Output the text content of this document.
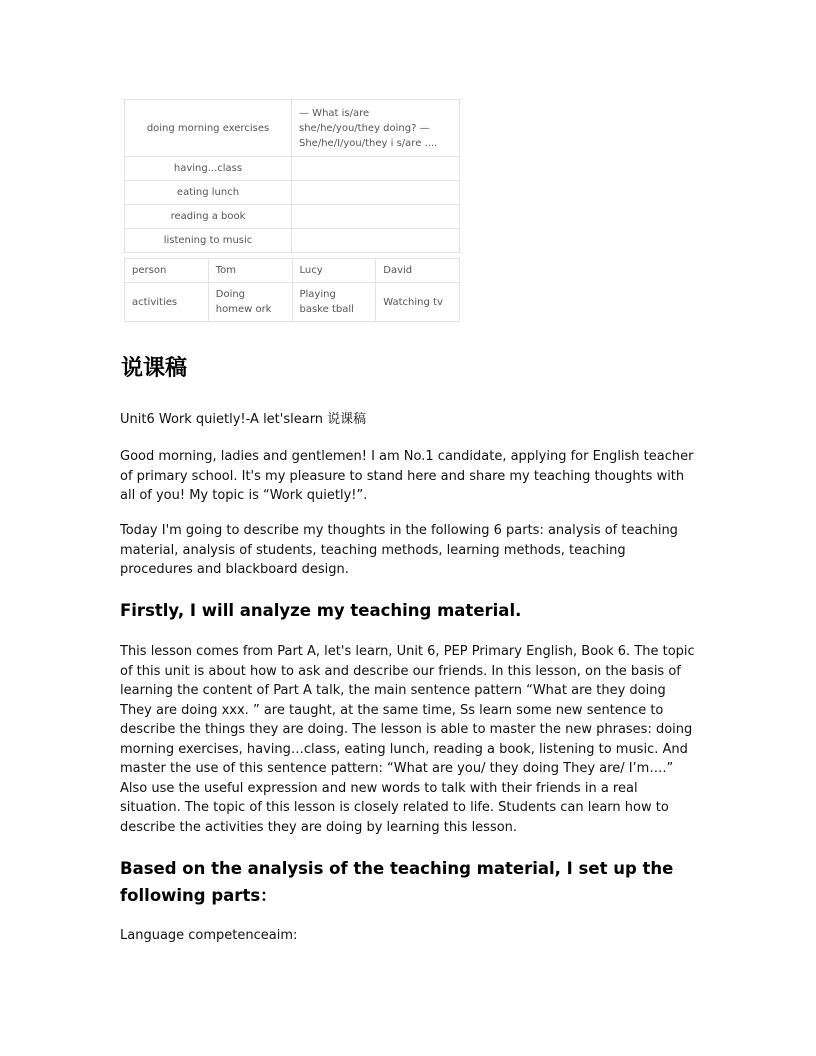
doing morning exercises	— What is/are she/he/you/they doing? —She/he/I/you/they i s/are ....
having...class	
eating lunch	
reading a book	
listening to music	
person	Tom	Lucy	David
activities	Doing homew ork	Playing baske tball	Watching tv
说课稿

Unit6 Work quietly!-A let'slearn 说课稿

Good morning, ladies and gentlemen! I am No.1 candidate, applying for English teacher of primary school. It's my pleasure to stand here and share my teaching thoughts with all of you! My topic is “Work quietly!”.

Today I'm going to describe my thoughts in the following 6 parts: analysis of teaching material, analysis of students, teaching methods, learning methods, teaching procedures and blackboard design.

Firstly, I will analyze my teaching material.

This lesson comes from Part A, let's learn, Unit 6, PEP Primary English, Book 6. The topic of this unit is about how to ask and describe our friends. In this lesson, on the basis of learning the content of Part A talk, the main sentence pattern “What are they doing They are doing xxx. ” are taught, at the same time, Ss learn some new sentence to describe the things they are doing. The lesson is able to master the new phrases: doing morning exercises, having…class, eating lunch, reading a book, listening to music. And master the use of this sentence pattern: “What are you/ they doing They are/ I’m….” Also use the useful expression and new words to talk with their friends in a real situation. The topic of this lesson is closely related to life. Students can learn how to describe the activities they are doing by learning this lesson.

Based on the analysis of the teaching material, I set up the following parts：

Language competenceaim:
